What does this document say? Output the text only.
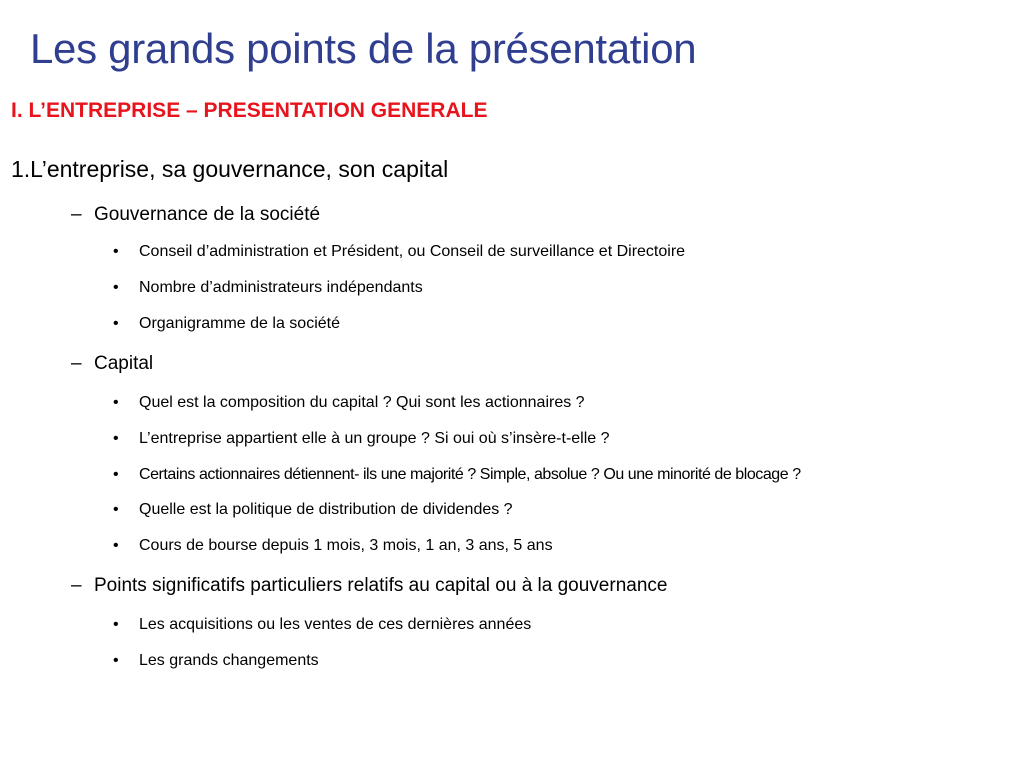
Les grands points de la présentation
I. L’ENTREPRISE – PRESENTATION GENERALE
1.L’entreprise, sa gouvernance, son capital
– Gouvernance de la société
• Conseil d’administration et Président, ou Conseil de surveillance et Directoire
• Nombre d’administrateurs indépendants
• Organigramme de la société
– Capital
• Quel est la composition du capital ? Qui sont les actionnaires ?
• L’entreprise appartient elle à un groupe ? Si oui où s’insère-t-elle ?
• Certains actionnaires détiennent- ils une majorité ? Simple, absolue ? Ou une minorité de blocage ?
• Quelle est la politique de distribution de dividendes ?
• Cours de bourse depuis 1 mois, 3 mois, 1 an, 3 ans, 5 ans
– Points significatifs particuliers relatifs au capital ou à la gouvernance
• Les acquisitions ou les ventes de ces dernières années
• Les grands changements
